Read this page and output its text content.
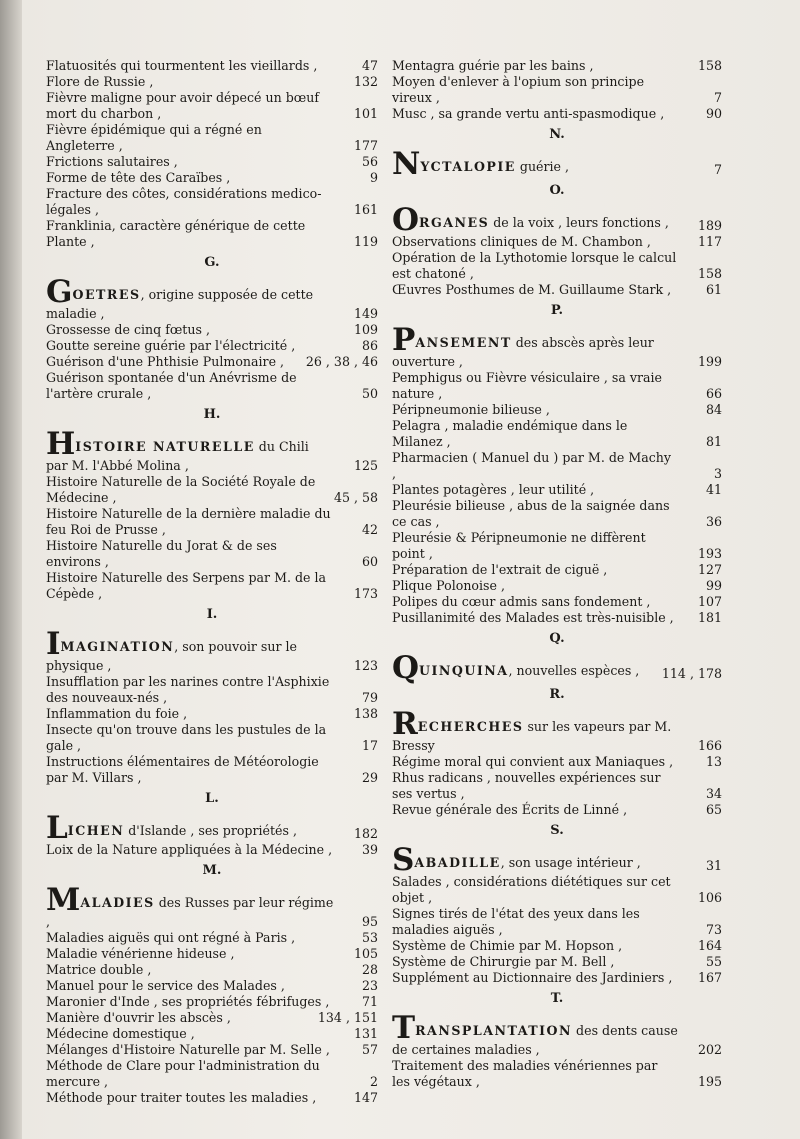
Flatuosités qui tourmentent les vieillards ,	47
Flore de Russie ,	132
Fièvre maligne pour avoir dépecé un bœuf mort du charbon ,	101
Fièvre épidémique qui a régné en Angleterre ,	177
Frictions salutaires ,	56
Forme de tête des Caraïbes ,	9
Fracture des côtes, considérations medico-légales ,	161
Franklinia, caractère générique de cette Plante ,	119
G.
GOETRES, origine supposée de cette maladie ,	149
Grossesse de cinq fœtus ,	109
Goutte sereine guérie par l'électricité ,	86
Guérison d'une Phthisie Pulmonaire ,	26 , 38 , 46
Guérison spontanée d'un Anévrisme de l'artère crurale ,	50
H.
HISTOIRE NATURELLE du Chili par M. l'Abbé Molina ,	125
Histoire Naturelle de la Société Royale de Médecine ,	45 , 58
Histoire Naturelle de la dernière maladie du feu Roi de Prusse ,	42
Histoire Naturelle du Jorat & de ses environs ,	60
Histoire Naturelle des Serpens par M. de la Cépède ,	173
I.
IMAGINATION, son pouvoir sur le physique ,	123
Insufflation par les narines contre l'Asphixie des nouveaux-nés ,	79
Inflammation du foie ,	138
Insecte qu'on trouve dans les pustules de la gale ,	17
Instructions élémentaires de Météorologie par M. Villars ,	29
L.
LICHEN d'Islande , ses propriétés ,	182
Loix de la Nature appliquées à la Médecine , 39
M.
MALADIES des Russes par leur régime ,	95
Maladies aiguës qui ont régné à Paris ,	53
Maladie vénérienne hideuse ,	105
Matrice double ,	28
Manuel pour le service des Malades ,	23
Maronier d'Inde , ses propriétés fébrifuges ,	71
Manière d'ouvrir les abscès ,	134 , 151
Médecine domestique ,	131
Mélanges d'Histoire Naturelle par M. Selle ,	57
Méthode de Clare pour l'administration du mercure ,	2
Méthode pour traiter toutes les maladies ,	147
Mentagra guérie par les bains ,	158
Moyen d'enlever à l'opium son principe vireux ,	7
Musc , sa grande vertu anti-spasmodique ,	90
N.
NYCTALOPIE guérie ,	7
O.
ORGANES de la voix , leurs fonctions ,	189
Observations cliniques de M. Chambon ,	117
Opération de la Lythotomie lorsque le calcul est chatoné ,	158
Œuvres Posthumes de M. Guillaume Stark ,	61
P.
PANSEMENT des abscès après leur ouverture ,	199
Pemphigus ou Fièvre vésiculaire , sa vraie nature ,	66
Péripneumonie bilieuse ,	84
Pelagra , maladie endémique dans le Milanez ,	81
Pharmacien ( Manuel du ) par M. de Machy ,	3
Plantes potagères , leur utilité ,	41
Pleurésie bilieuse , abus de la saignée dans ce cas ,	36
Pleurésie & Péripneumonie ne diffèrent point ,	193
Préparation de l'extrait de ciguë ,	127
Plique Polonoise ,	99
Polipes du cœur admis sans fondement ,	107
Pusillanimité des Malades est très-nuisible ,	181
Q.
QUINQUINA, nouvelles espèces ,	114 , 178
R.
RECHERCHES sur les vapeurs par M. Bressy	166
Régime moral qui convient aux Maniaques ,	13
Rhus radicans , nouvelles expériences sur ses vertus ,	34
Revue générale des Écrits de Linné ,	65
S.
SABADILLE, son usage intérieur ,	31
Salades , considérations diététiques sur cet objet ,	106
Signes tirés de l'état des yeux dans les maladies aiguës ,	73
Système de Chimie par M. Hopson ,	164
Système de Chirurgie par M. Bell ,	55
Supplément au Dictionnaire des Jardiniers ,	167
T.
TRANSPLANTATION des dents cause de certaines maladies ,	202
Traitement des maladies vénériennes par les végétaux ,	195
